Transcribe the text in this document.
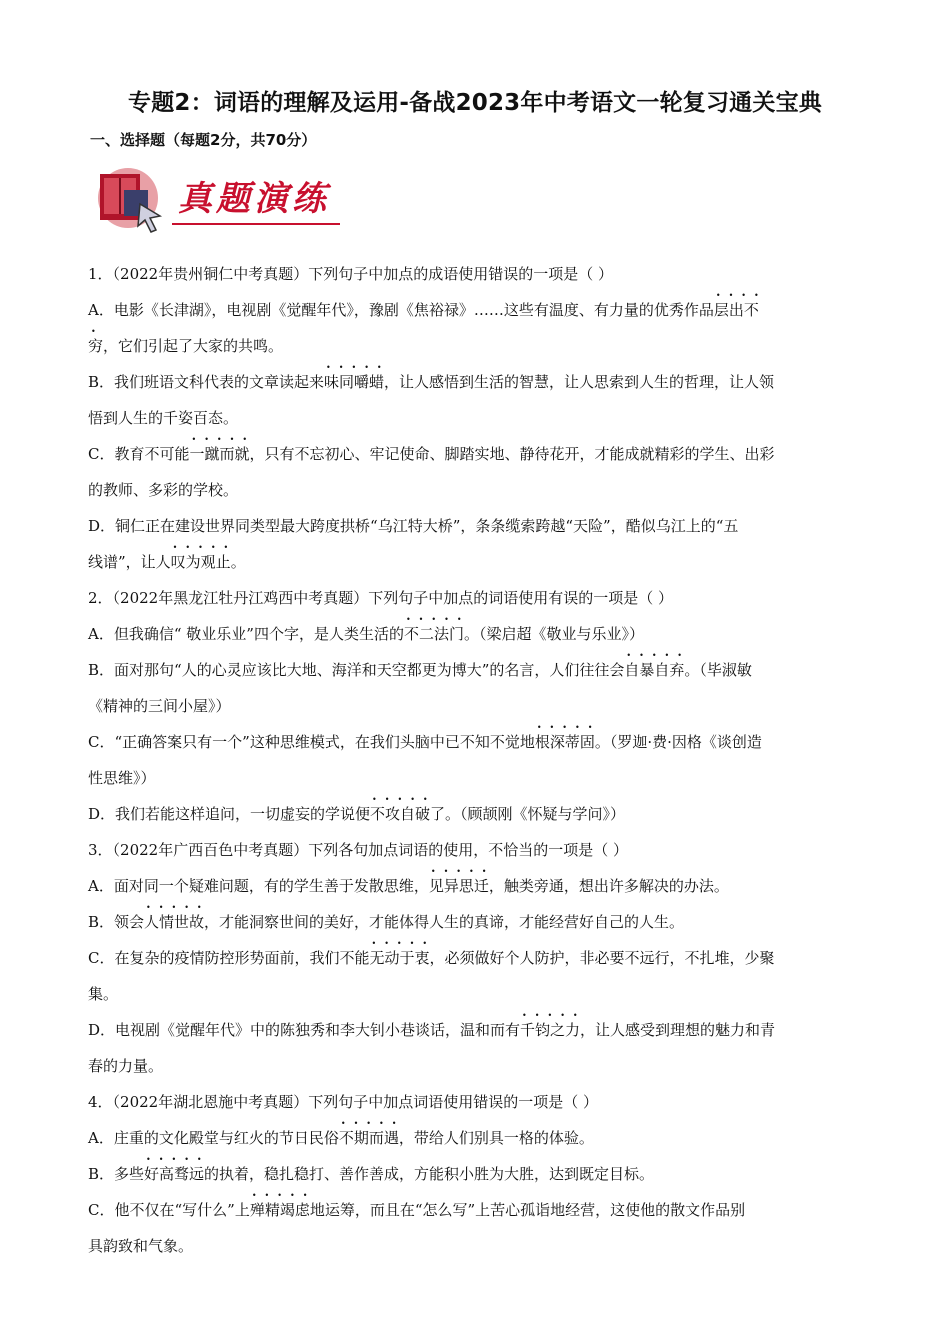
专题2：词语的理解及运用-备战2023年中考语文一轮复习通关宝典
一、选择题（每题2分，共70分）
真题演练
1．（2022年贵州铜仁中考真题）下列句子中加点的成语使用错误的一项是（ ）
A．电影《长津湖》，电视剧《觉醒年代》，豫剧《焦裕禄》……这些有温度、有力量的优秀作品••••••• 层出不
穷，它们引起了大家的共鸣。
B．我们班语文科代表的文章读起来••••••• 味同嚼蜡，让人感悟到生活的智慧，让人思索到人生的哲理，让人领
悟到人生的千姿百态。
C．教育不可能••••••• 一蹴而就，只有不忘初心、牢记使命、脚踏实地、静待花开，才能成就精彩的学生、出彩
的教师、多彩的学校。
D．铜仁正在建设世界同类型最大跨度拱桥“乌江特大桥”，条条缆索跨越“天险”，酷似乌江上的“五
线谱”，让人••••••• 叹为观止。
2．（2022年黑龙江牡丹江鸡西中考真题）下列句子中加点的词语使用有误的一项是（ ）
A．但我确信“ 敬业乐业”四个字，是人类生活的••••••• 不二法门。（梁启超《敬业与乐业》）
B．面对那句“人的心灵应该比大地、海洋和天空都更为博大”的名言，人们往往会••••••• 自暴自弃。（毕淑敏
《精神的三间小屋》）
C．“正确答案只有一个”这种思维模式，在我们头脑中已不知不觉地••••••• 根深蒂固。（罗迦·费·因格《谈创造
性思维》）
D．我们若能这样追问，一切虚妄的学说便••••••• 不攻自破了。（顾颉刚《怀疑与学问》）
3．（2022年广西百色中考真题）下列各句加点词语的使用，不恰当的一项是（ ）
A．面对同一个疑难问题，有的学生善于发散思维，••••••• 见异思迁，触类旁通，想出许多解决的办法。
B．领会••••••• 人情世故，才能洞察世间的美好，才能体得人生的真谛，才能经营好自己的人生。
C．在复杂的疫情防控形势面前，我们不能••••••• 无动于衷，必须做好个人防护，非必要不远行，不扎堆，少聚
集。
D．电视剧《觉醒年代》中的陈独秀和李大钊小巷谈话，温和而有••••••• 千钧之力，让人感受到理想的魅力和青
春的力量。
4．（2022年湖北恩施中考真题）下列句子中加点词语使用错误的一项是（ ）
A．庄重的文化殿堂与红火的节日民俗••••••• 不期而遇，带给人们别具一格的体验。
B．多些••••••• 好高骛远的执着，稳扎稳打、善作善成，方能积小胜为大胜，达到既定目标。
C．他不仅在“写什么”上••••••• 殚精竭虑地运筹，而且在“怎么写”上苦心孤诣地经营，这使他的散文作品别
具韵致和气象。
